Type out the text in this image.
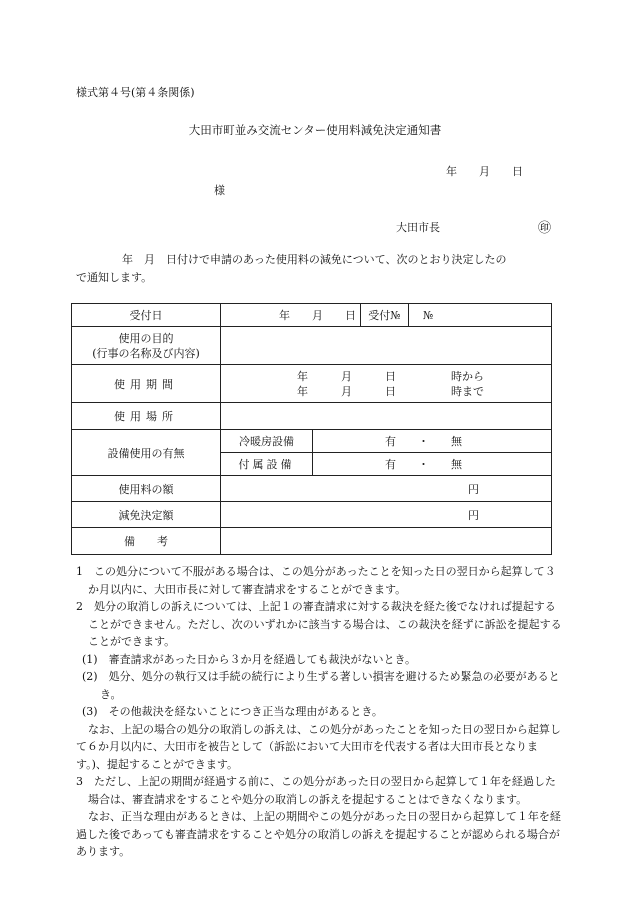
様式第４号(第４条関係)
大田市町並み交流センター使用料減免決定通知書
年　　月　　日
様
大田市長	㊞
年　月　日付けで申請のあった使用料の減免について、次のとおり決定したの
で通知します。
受付日	年　　月　　日		受付№	№

使用の目的
(行事の名称及び内容)				

使用期間	年　　　月　　　日　　　　　時から
年　　　月　　　日　　　　　時まで			

使用場所				
設備使用の有無	冷暖房設備	有　　・　　無		
	付属設備	有　　・　　無		
使用料の額	円			
減免決定額	円			
備　　考				

1　この処分について不服がある場合は、この処分があったことを知った日の翌日から起算して３か月以内に、大田市長に対して審査請求をすることができます。

2　処分の取消しの訴えについては、上記１の審査請求に対する裁決を経た後でなければ提起することができません。ただし、次のいずれかに該当する場合は、この裁決を経ずに訴訟を提起することができます。

(1)　審査請求があった日から３か月を経過しても裁決がないとき。

(2)　処分、処分の執行又は手続の続行により生ずる著しい損害を避けるため緊急の必要があるとき。

(3)　その他裁決を経ないことにつき正当な理由があるとき。

なお、上記の場合の処分の取消しの訴えは、この処分があったことを知った日の翌日から起算して６か月以内に、大田市を被告として（訴訟において大田市を代表する者は大田市長となります。)、提起することができます。

3　ただし、上記の期間が経過する前に、この処分があった日の翌日から起算して１年を経過した場合は、審査請求をすることや処分の取消しの訴えを提起することはできなくなります。

なお、正当な理由があるときは、上記の期間やこの処分があった日の翌日から起算して１年を経過した後であっても審査請求をすることや処分の取消しの訴えを提起することが認められる場合があります。
